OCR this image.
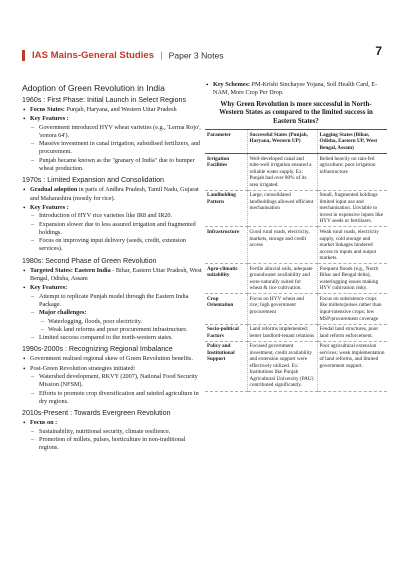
IAS Mains-General Studies | Paper 3 Notes	7
Adoption of Green Revolution in India
1960s : First Phase: Initial Launch in Select Regions
• Focus States: Punjab, Haryana, and Western Uttar Pradesh
• Key Features :
– Government introduced HYV wheat varieties (e.g., 'Lerma Rojo', 'sonora 64').
– Massive investment in canal irrigation, subsidised fertilizers, and procurement.
– Punjab became known as the "granary of India" due to bumper wheat production.
1970s : Limited Expansion and Consolidation
• Gradual adoption in parts of Andhra Pradesh, Tamil Nadu, Gujarat and Maharashtra (mostly for rice).
• Key Features :
– Introduction of HYV rice varieties like IR8 and IR20.
– Expansion slower due to less assured irrigation and fragmented holdings.
– Focus on improving input delivery (seeds, credit, extension services).
1980s: Second Phase of Green Revolution
• Targeted States: Eastern India - Bihar, Eastern Uttar Pradesh, West Bengal, Odisha, Assam
• Key Features:
– Attempt to replicate Punjab model through the Eastern India Package.
– Major challenges:
– Waterlogging, floods, poor electricity.
– Weak land reforms and poor procurement infrastructure.
– Limited success compared to the north-western states.
1990s-2000s : Recognizing Regional Imbalance
• Government realised regional skew of Green Revolution benefits.
• Post-Green Revolution strategies initiated:
– Watershed development, RKVY (2007), National Food Security Mission (NFSM).
– Efforts to promote crop diversification and rainfed agriculture in dry regions.
2010s-Present : Towards Evergreen Revolution
• Focus on :
– Sustainability, nutritional security, climate resilience.
– Promotion of millets, pulses, horticulture in non-traditional regions.
• Key Schemes: PM-Krishi Sinchayee Yojana, Soil Health Card, E-NAM, More Crop Per Drop.
Why Green Revolution is more successful in North-Western States as compared to the limited success in Eastern States?
Parameter	Successful States (Punjab, Haryana, Western UP)	Lagging States (Bihar, Odisha, Eastern UP, West Bengal, Assam)
Irrigation Facilities	Well-developed canal and tube-well irrigation ensured a reliable water supply. Ex: Punjab had over 80% of its area irrigated.	Relied heavily on rain-fed agriculture; poor irrigation infrastructure
Landholding Pattern	Large, consolidated landholdings allowed efficient mechanisation	Small, fragmented holdings limited input use and mechanisation. Unviable to invest in expensive inputs like HYV seeds or fertilizers.
Infrastructure	Good rural roads, electricity, markets, storage and credit access	Weak rural roads, electricity supply, cold storage and market linkages hindered access to inputs and output markets.
Agro-climatic suitability	Fertile alluvial soils, adequate groundwater availability and were naturally suited for wheat & rice cultivation.	Frequent floods (e.g., North Bihar and Bengal delta), waterlogging issues making HYV cultivation risky.
Crop Orientation	Focus on HYV wheat and rice; high government procurement	Focus on subsistence crops like millets/pulses rather than input-intensive crops; low MSP/procurement coverage
Socio-political Factors	Land reforms implemented; better landlord-tenant relations	Feudal land structures, poor land reform enforcement.
Policy and Institutional Support	Focused government investment, credit availability and extension support were effectively utilized. Ex: Institutions like Punjab Agricultural University (PAU) contributed significantly.	Poor agricultural extension services; weak implementation of land reforms, and limited government support.
